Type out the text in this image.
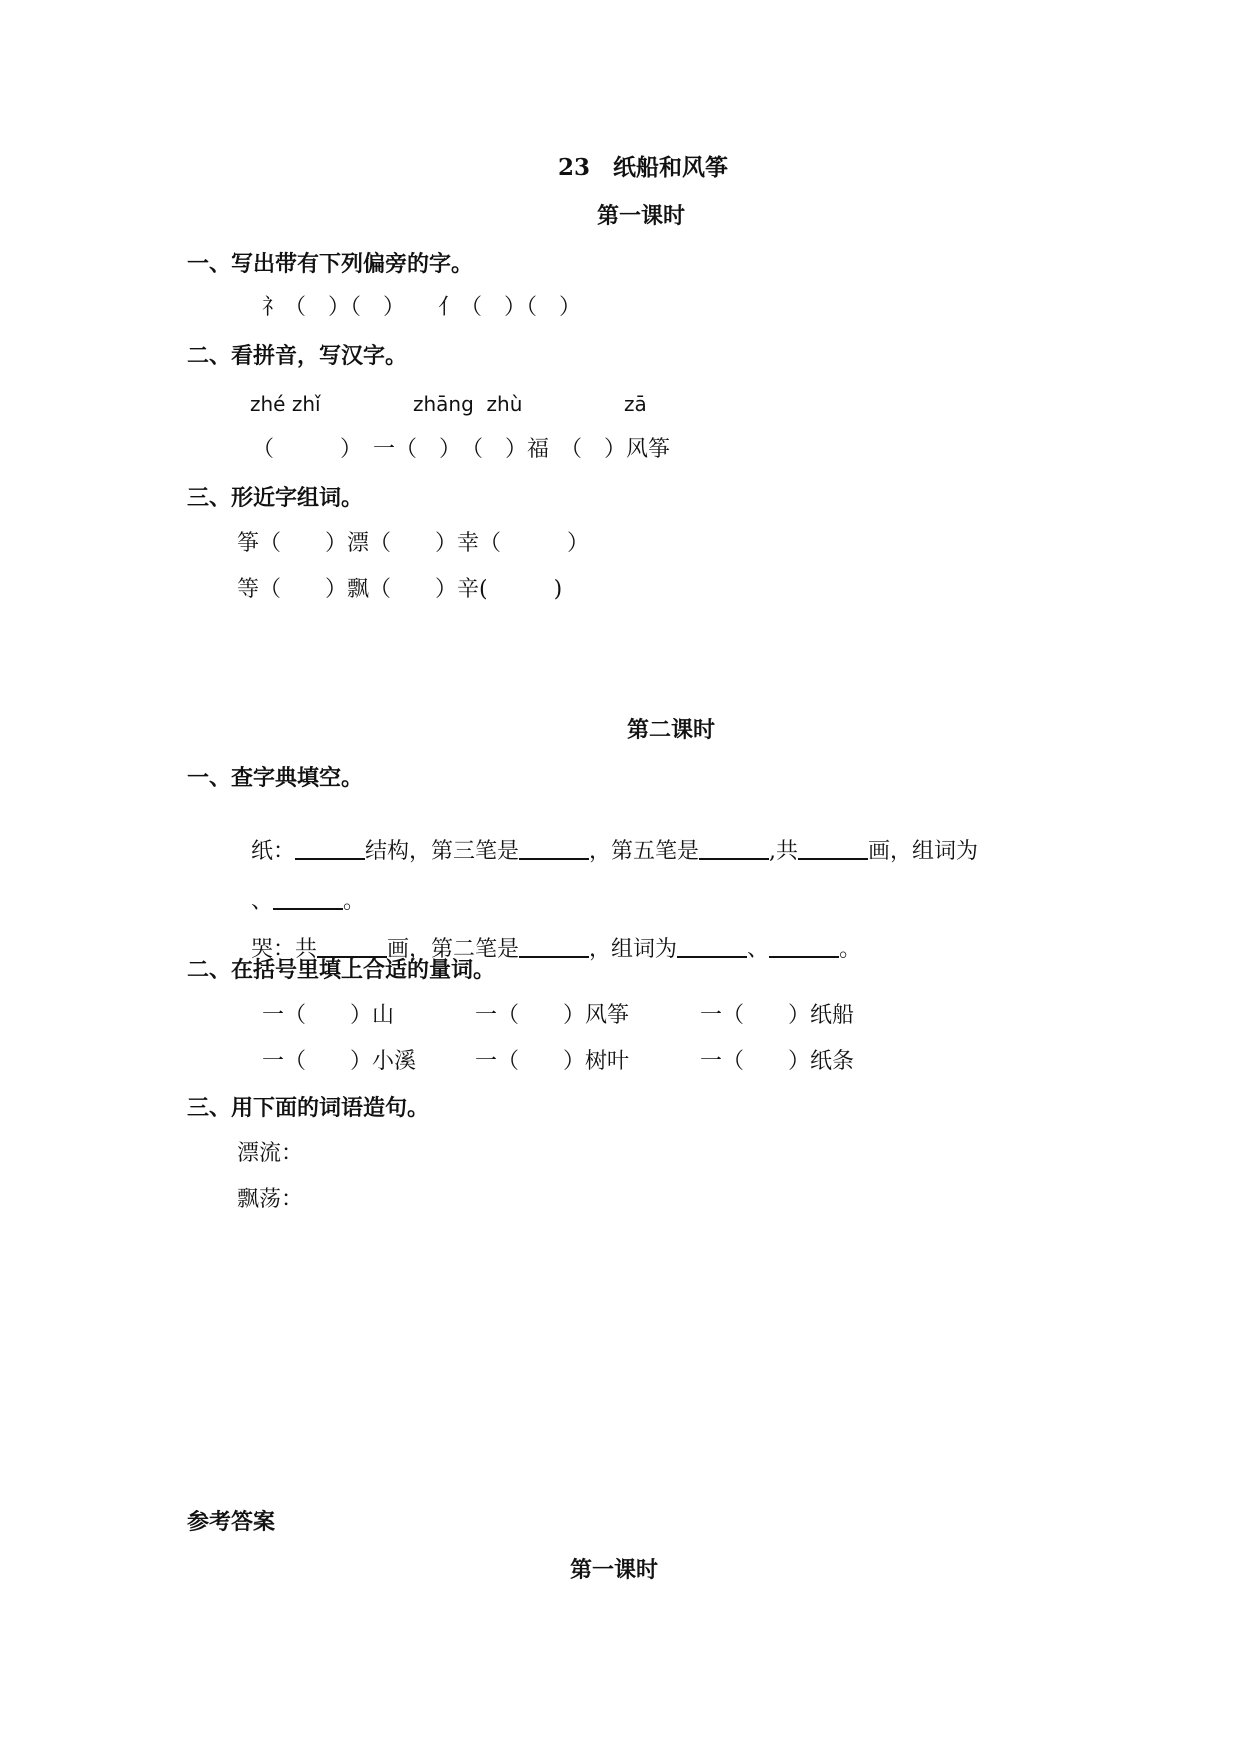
23　纸船和风筝
第一课时
一、写出带有下列偏旁的字。
礻（　）（　）　　亻（　）（　）
二、看拼音，写汉字。
zhé zhǐ	zhāng  zhù	zā
（　　　）　一（　）　（　）福　（　）风筝
三、形近字组词。
筝（　　）漂（　　）幸（　　　）
等（　　）飘（　　）辛(　　　)
第二课时
一、查字典填空。

纸：	结构，第三笔是	，第五笔是	,共	画，组词为

、	。

哭：共	画，第二笔是	，组词为	、	。

二、在括号里填上合适的量词。
一（　　）山	一（　　）风筝	一（　　）纸船
一（　　）小溪	一（　　）树叶	一（　　）纸条
三、用下面的词语造句。
漂流：
飘荡：
参考答案
第一课时
